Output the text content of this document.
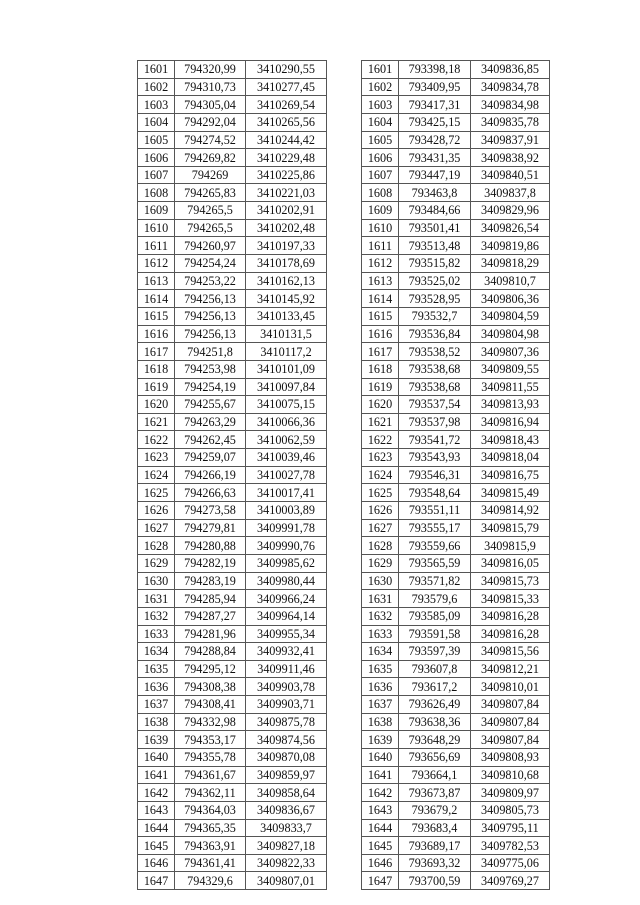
1601	794320,99	3410290,55
1602	794310,73	3410277,45
1603	794305,04	3410269,54
1604	794292,04	3410265,56
1605	794274,52	3410244,42
1606	794269,82	3410229,48
1607	794269	3410225,86
1608	794265,83	3410221,03
1609	794265,5	3410202,91
1610	794265,5	3410202,48
1611	794260,97	3410197,33
1612	794254,24	3410178,69
1613	794253,22	3410162,13
1614	794256,13	3410145,92
1615	794256,13	3410133,45
1616	794256,13	3410131,5
1617	794251,8	3410117,2
1618	794253,98	3410101,09
1619	794254,19	3410097,84
1620	794255,67	3410075,15
1621	794263,29	3410066,36
1622	794262,45	3410062,59
1623	794259,07	3410039,46
1624	794266,19	3410027,78
1625	794266,63	3410017,41
1626	794273,58	3410003,89
1627	794279,81	3409991,78
1628	794280,88	3409990,76
1629	794282,19	3409985,62
1630	794283,19	3409980,44
1631	794285,94	3409966,24
1632	794287,27	3409964,14
1633	794281,96	3409955,34
1634	794288,84	3409932,41
1635	794295,12	3409911,46
1636	794308,38	3409903,78
1637	794308,41	3409903,71
1638	794332,98	3409875,78
1639	794353,17	3409874,56
1640	794355,78	3409870,08
1641	794361,67	3409859,97
1642	794362,11	3409858,64
1643	794364,03	3409836,67
1644	794365,35	3409833,7
1645	794363,91	3409827,18
1646	794361,41	3409822,33
1647	794329,6	3409807,01
1601	793398,18	3409836,85
1602	793409,95	3409834,78
1603	793417,31	3409834,98
1604	793425,15	3409835,78
1605	793428,72	3409837,91
1606	793431,35	3409838,92
1607	793447,19	3409840,51
1608	793463,8	3409837,8
1609	793484,66	3409829,96
1610	793501,41	3409826,54
1611	793513,48	3409819,86
1612	793515,82	3409818,29
1613	793525,02	3409810,7
1614	793528,95	3409806,36
1615	793532,7	3409804,59
1616	793536,84	3409804,98
1617	793538,52	3409807,36
1618	793538,68	3409809,55
1619	793538,68	3409811,55
1620	793537,54	3409813,93
1621	793537,98	3409816,94
1622	793541,72	3409818,43
1623	793543,93	3409818,04
1624	793546,31	3409816,75
1625	793548,64	3409815,49
1626	793551,11	3409814,92
1627	793555,17	3409815,79
1628	793559,66	3409815,9
1629	793565,59	3409816,05
1630	793571,82	3409815,73
1631	793579,6	3409815,33
1632	793585,09	3409816,28
1633	793591,58	3409816,28
1634	793597,39	3409815,56
1635	793607,8	3409812,21
1636	793617,2	3409810,01
1637	793626,49	3409807,84
1638	793638,36	3409807,84
1639	793648,29	3409807,84
1640	793656,69	3409808,93
1641	793664,1	3409810,68
1642	793673,87	3409809,97
1643	793679,2	3409805,73
1644	793683,4	3409795,11
1645	793689,17	3409782,53
1646	793693,32	3409775,06
1647	793700,59	3409769,27
